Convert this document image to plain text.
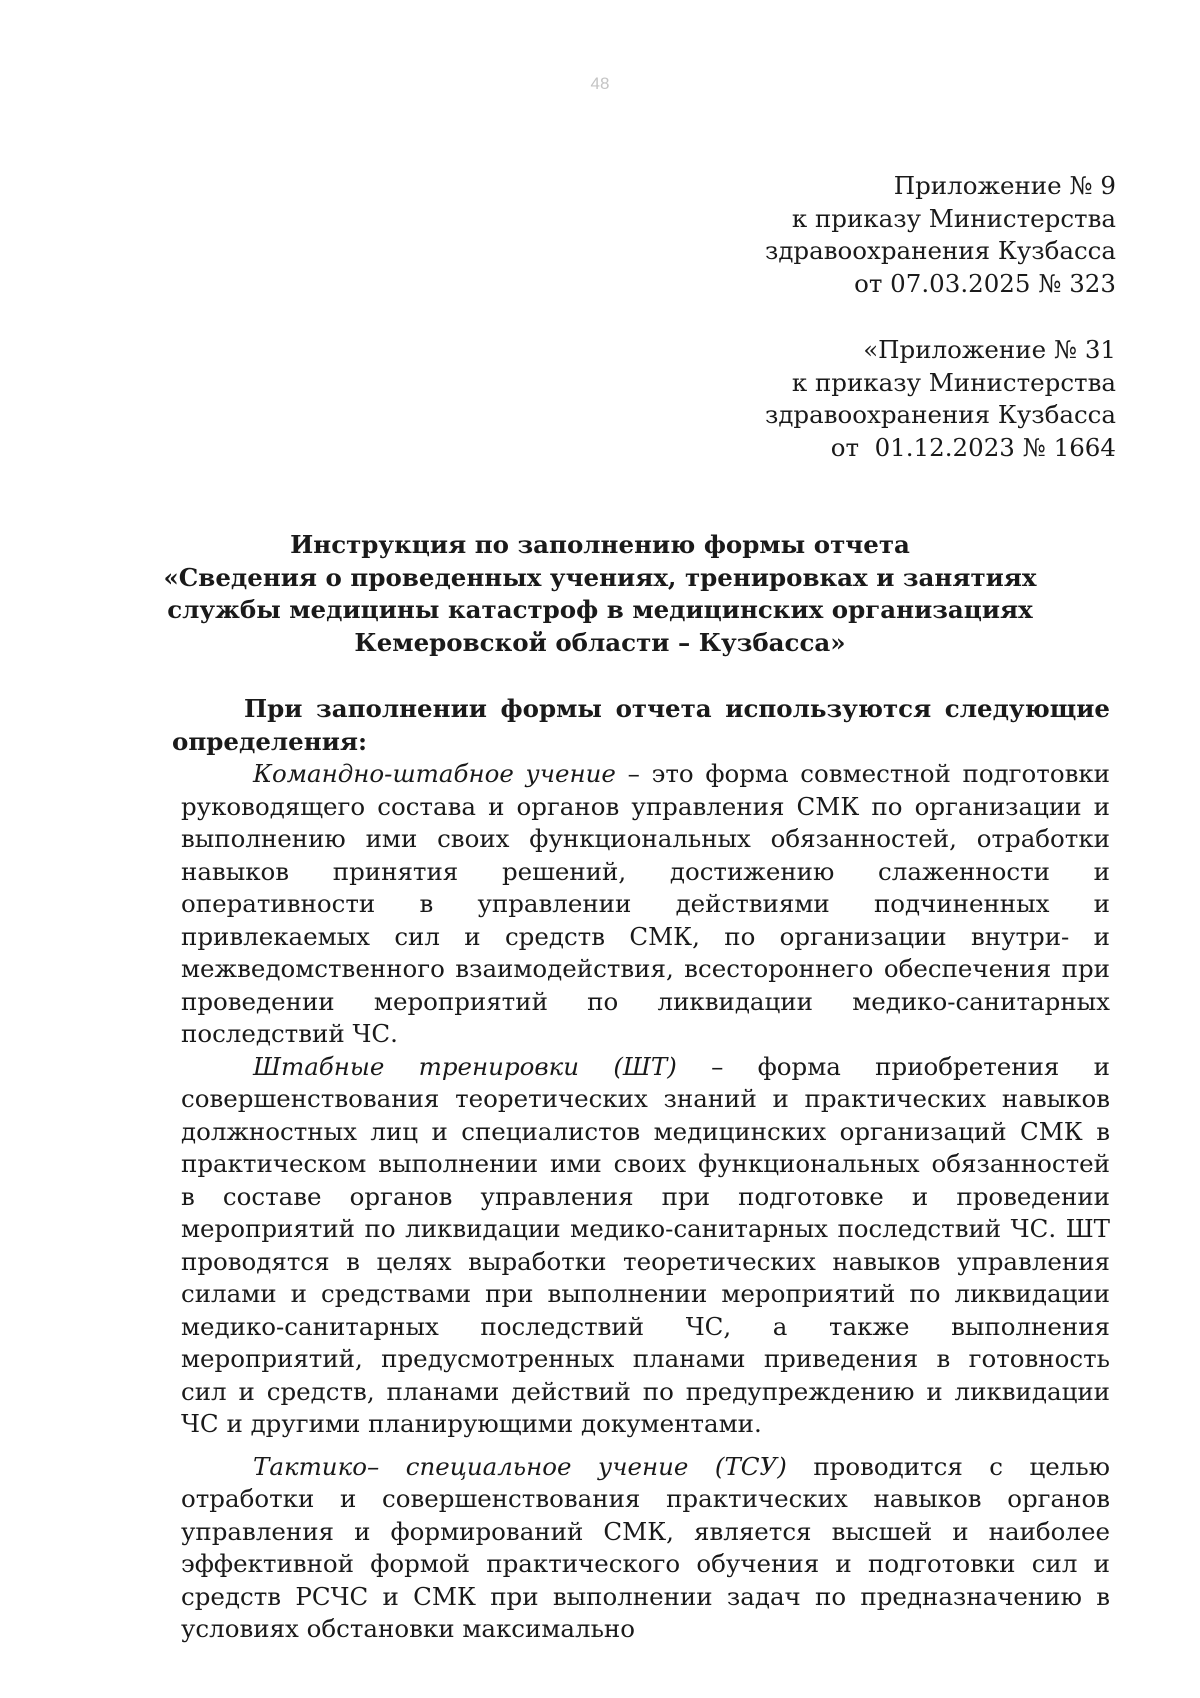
48
Приложение № 9
к приказу Министерства
здравоохранения Кузбасса
от 07.03.2025 № 323
«Приложение № 31
к приказу Министерства
здравоохранения Кузбасса
от  01.12.2023 № 1664
Инструкция по заполнению формы отчета
«Сведения о проведенных учениях, тренировках и занятиях
службы медицины катастроф в медицинских организациях
Кемеровской области – Кузбасса»

При заполнении формы отчета используются следующие определения:

Командно-штабное учение – это форма совместной подготовки руководящего состава и органов управления СМК по организации и выполнению ими своих функциональных обязанностей, отработки навыков принятия решений, достижению слаженности и оперативности в управлении действиями подчиненных и привлекаемых сил и средств СМК, по организации внутри- и межведомственного взаимодействия, всестороннего обеспечения при проведении мероприятий по ликвидации медико-санитарных последствий ЧС.

Штабные тренировки (ШТ) – форма приобретения и совершенствования теоретических знаний и практических навыков должностных лиц и специалистов медицинских организаций СМК в практическом выполнении ими своих функциональных обязанностей в составе органов управления при подготовке и проведении мероприятий по ликвидации медико-санитарных последствий ЧС. ШТ проводятся в целях выработки теоретических навыков управления силами и средствами при выполнении мероприятий по ликвидации медико-санитарных последствий ЧС, а также выполнения мероприятий, предусмотренных планами приведения в готовность сил и средств, планами действий по предупреждению и ликвидации ЧС и другими планирующими документами.

Тактико– специальное учение (ТСУ) проводится с целью отработки и совершенствования практических навыков органов управления и формирований СМК, является высшей и наиболее эффективной формой практического обучения и подготовки сил и средств РСЧС и СМК при выполнении задач по предназначению в условиях обстановки максимально
